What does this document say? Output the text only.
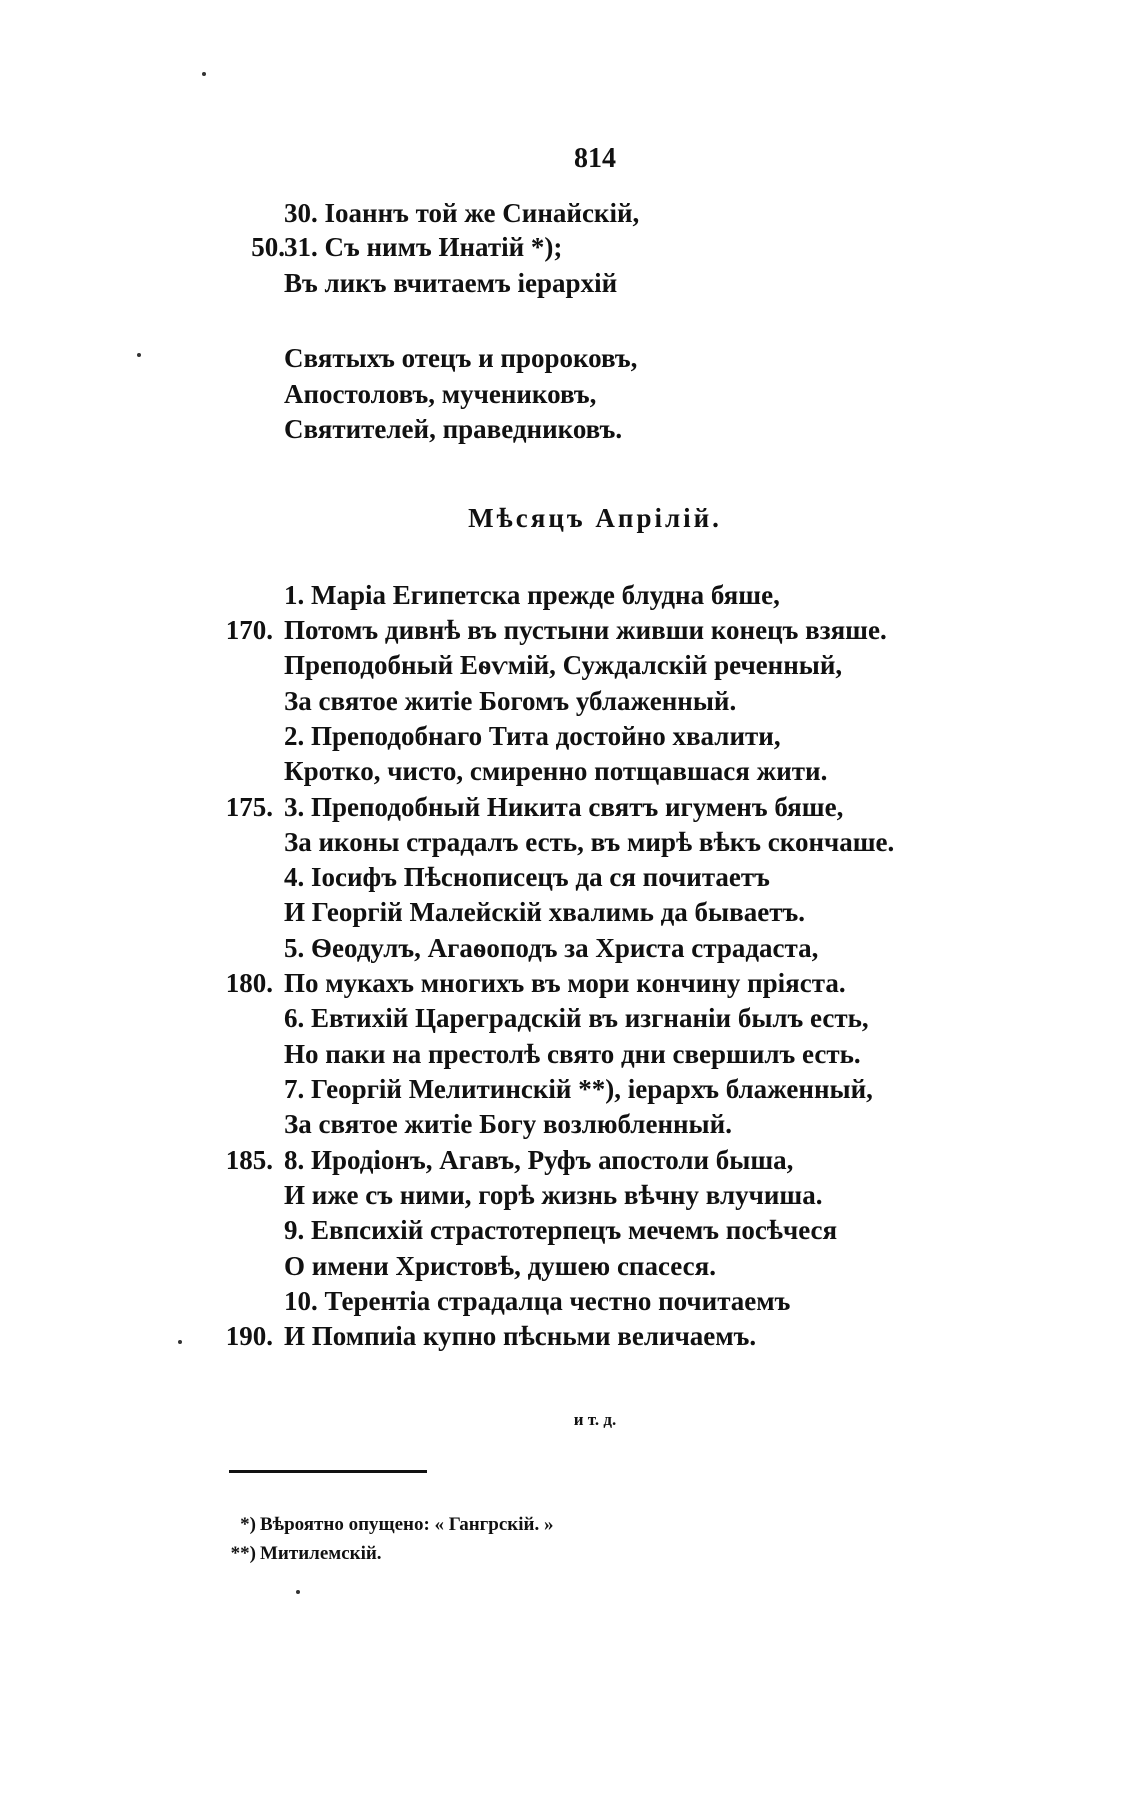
814
30. Іоаннъ той же Синайскій,
50. 31. Съ нимъ Инатій *);
Въ ликъ вчитаемъ іерархій
Святыхъ отецъ и пророковъ,
Апостоловъ, мучениковъ,
Святителей, праведниковъ.
Мѣсяцъ Апрілій.
1. Маріа Египетска прежде блудна бяше,
170. Потомъ дивнѣ въ пустыни живши конецъ взяше.
Преподобный Еѳѵмій, Суждалскій реченный,
За святое житіе Богомъ ублаженный.
2. Преподобнаго Тита достойно хвалити,
Кротко, чисто, смиренно потщавшася жити.
175. 3. Преподобный Никита святъ игуменъ бяше,
За иконы страдалъ есть, въ мирѣ вѣкъ скончаше.
4. Іосифъ Пѣснописецъ да ся почитаетъ
И Георгій Малейскій хвалимь да бываетъ.
5. Ѳеодулъ, Агаѳоподъ за Христа страдаста,
180. По мукахъ многихъ въ мори кончину пріяста.
6. Евтихій Цареградскій въ изгнаніи былъ есть,
Но паки на престолѣ свято дни свершилъ есть.
7. Георгій Мелитинскій **), іерархъ блаженный,
За святое житіе Богу возлюбленный.
185. 8. Иродіонъ, Агавъ, Руфъ апостоли быша,
И иже съ ними, горѣ жизнь вѣчну влучиша.
9. Евпсихій страстотерпецъ мечемъ посѣчеся
О имени Христовѣ, душею спасеся.
10. Терентіа страдалца честно почитаемъ
190. И Помпиіа купно пѣсньми величаемъ.
и т. д.
*) Вѣроятно опущено: « Гангрскій. »
**) Митилемскій.
